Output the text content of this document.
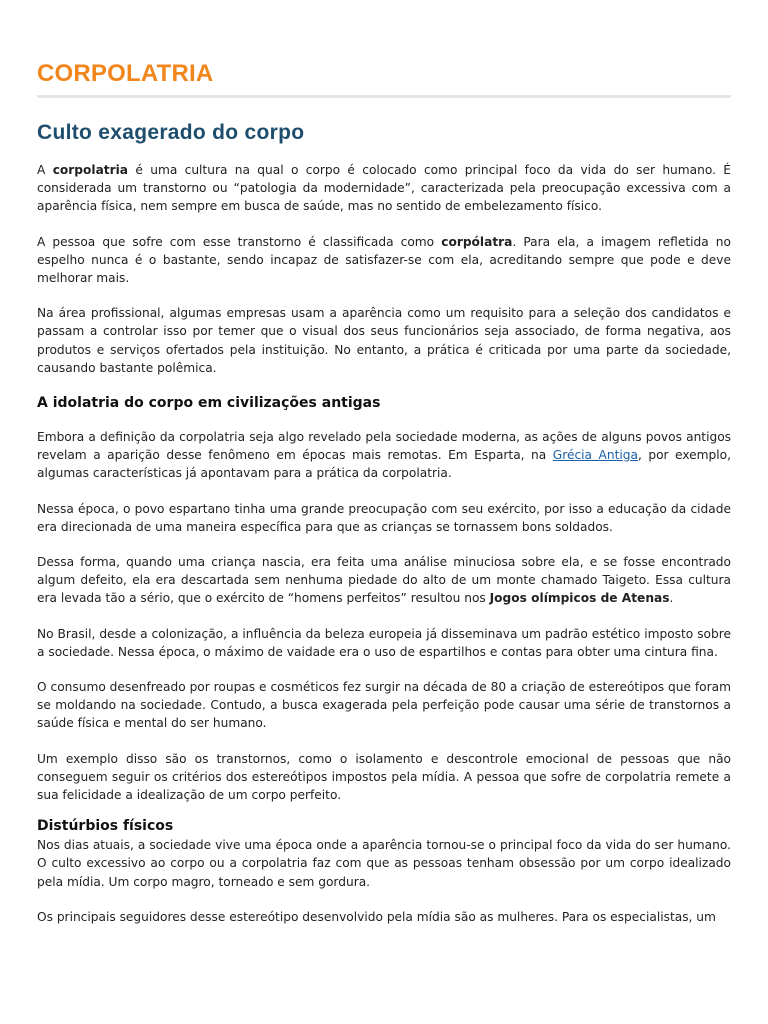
CORPOLATRIA
Culto exagerado do corpo

A corpolatria é uma cultura na qual o corpo é colocado como principal foco da vida do ser humano. É considerada um transtorno ou “patologia da modernidade”, caracterizada pela preocupação excessiva com a aparência física, nem sempre em busca de saúde, mas no sentido de embelezamento físico.

A pessoa que sofre com esse transtorno é classificada como corpólatra. Para ela, a imagem refletida no espelho nunca é o bastante, sendo incapaz de satisfazer-se com ela, acreditando sempre que pode e deve melhorar mais.

Na área profissional, algumas empresas usam a aparência como um requisito para a seleção dos candidatos e passam a controlar isso por temer que o visual dos seus funcionários seja associado, de forma negativa, aos produtos e serviços ofertados pela instituição. No entanto, a prática é criticada por uma parte da sociedade, causando bastante polêmica.

A idolatria do corpo em civilizações antigas

Embora a definição da corpolatria seja algo revelado pela sociedade moderna, as ações de alguns povos antigos revelam a aparição desse fenômeno em épocas mais remotas. Em Esparta, na Grécia Antiga, por exemplo, algumas características já apontavam para a prática da corpolatria.

Nessa época, o povo espartano tinha uma grande preocupação com seu exército, por isso a educação da cidade era direcionada de uma maneira específica para que as crianças se tornassem bons soldados.

Dessa forma, quando uma criança nascia, era feita uma análise minuciosa sobre ela, e se fosse encontrado algum defeito, ela era descartada sem nenhuma piedade do alto de um monte chamado Taigeto. Essa cultura era levada tão a sério, que o exército de “homens perfeitos” resultou nos Jogos olímpicos de Atenas.

No Brasil, desde a colonização, a influência da beleza europeia já disseminava um padrão estético imposto sobre a sociedade. Nessa época, o máximo de vaidade era o uso de espartilhos e contas para obter uma cintura fina.

O consumo desenfreado por roupas e cosméticos fez surgir na década de 80 a criação de estereótipos que foram se moldando na sociedade. Contudo, a busca exagerada pela perfeição pode causar uma série de transtornos a saúde física e mental do ser humano.

Um exemplo disso são os transtornos, como o isolamento e descontrole emocional de pessoas que não conseguem seguir os critérios dos estereótipos impostos pela mídia. A pessoa que sofre de corpolatria remete a sua felicidade a idealização de um corpo perfeito.

Distúrbios físicos

Nos dias atuais, a sociedade vive uma época onde a aparência tornou-se o principal foco da vida do ser humano. O culto excessivo ao corpo ou a corpolatria faz com que as pessoas tenham obsessão por um corpo idealizado pela mídia. Um corpo magro, torneado e sem gordura.

Os principais seguidores desse estereótipo desenvolvido pela mídia são as mulheres. Para os especialistas, um
